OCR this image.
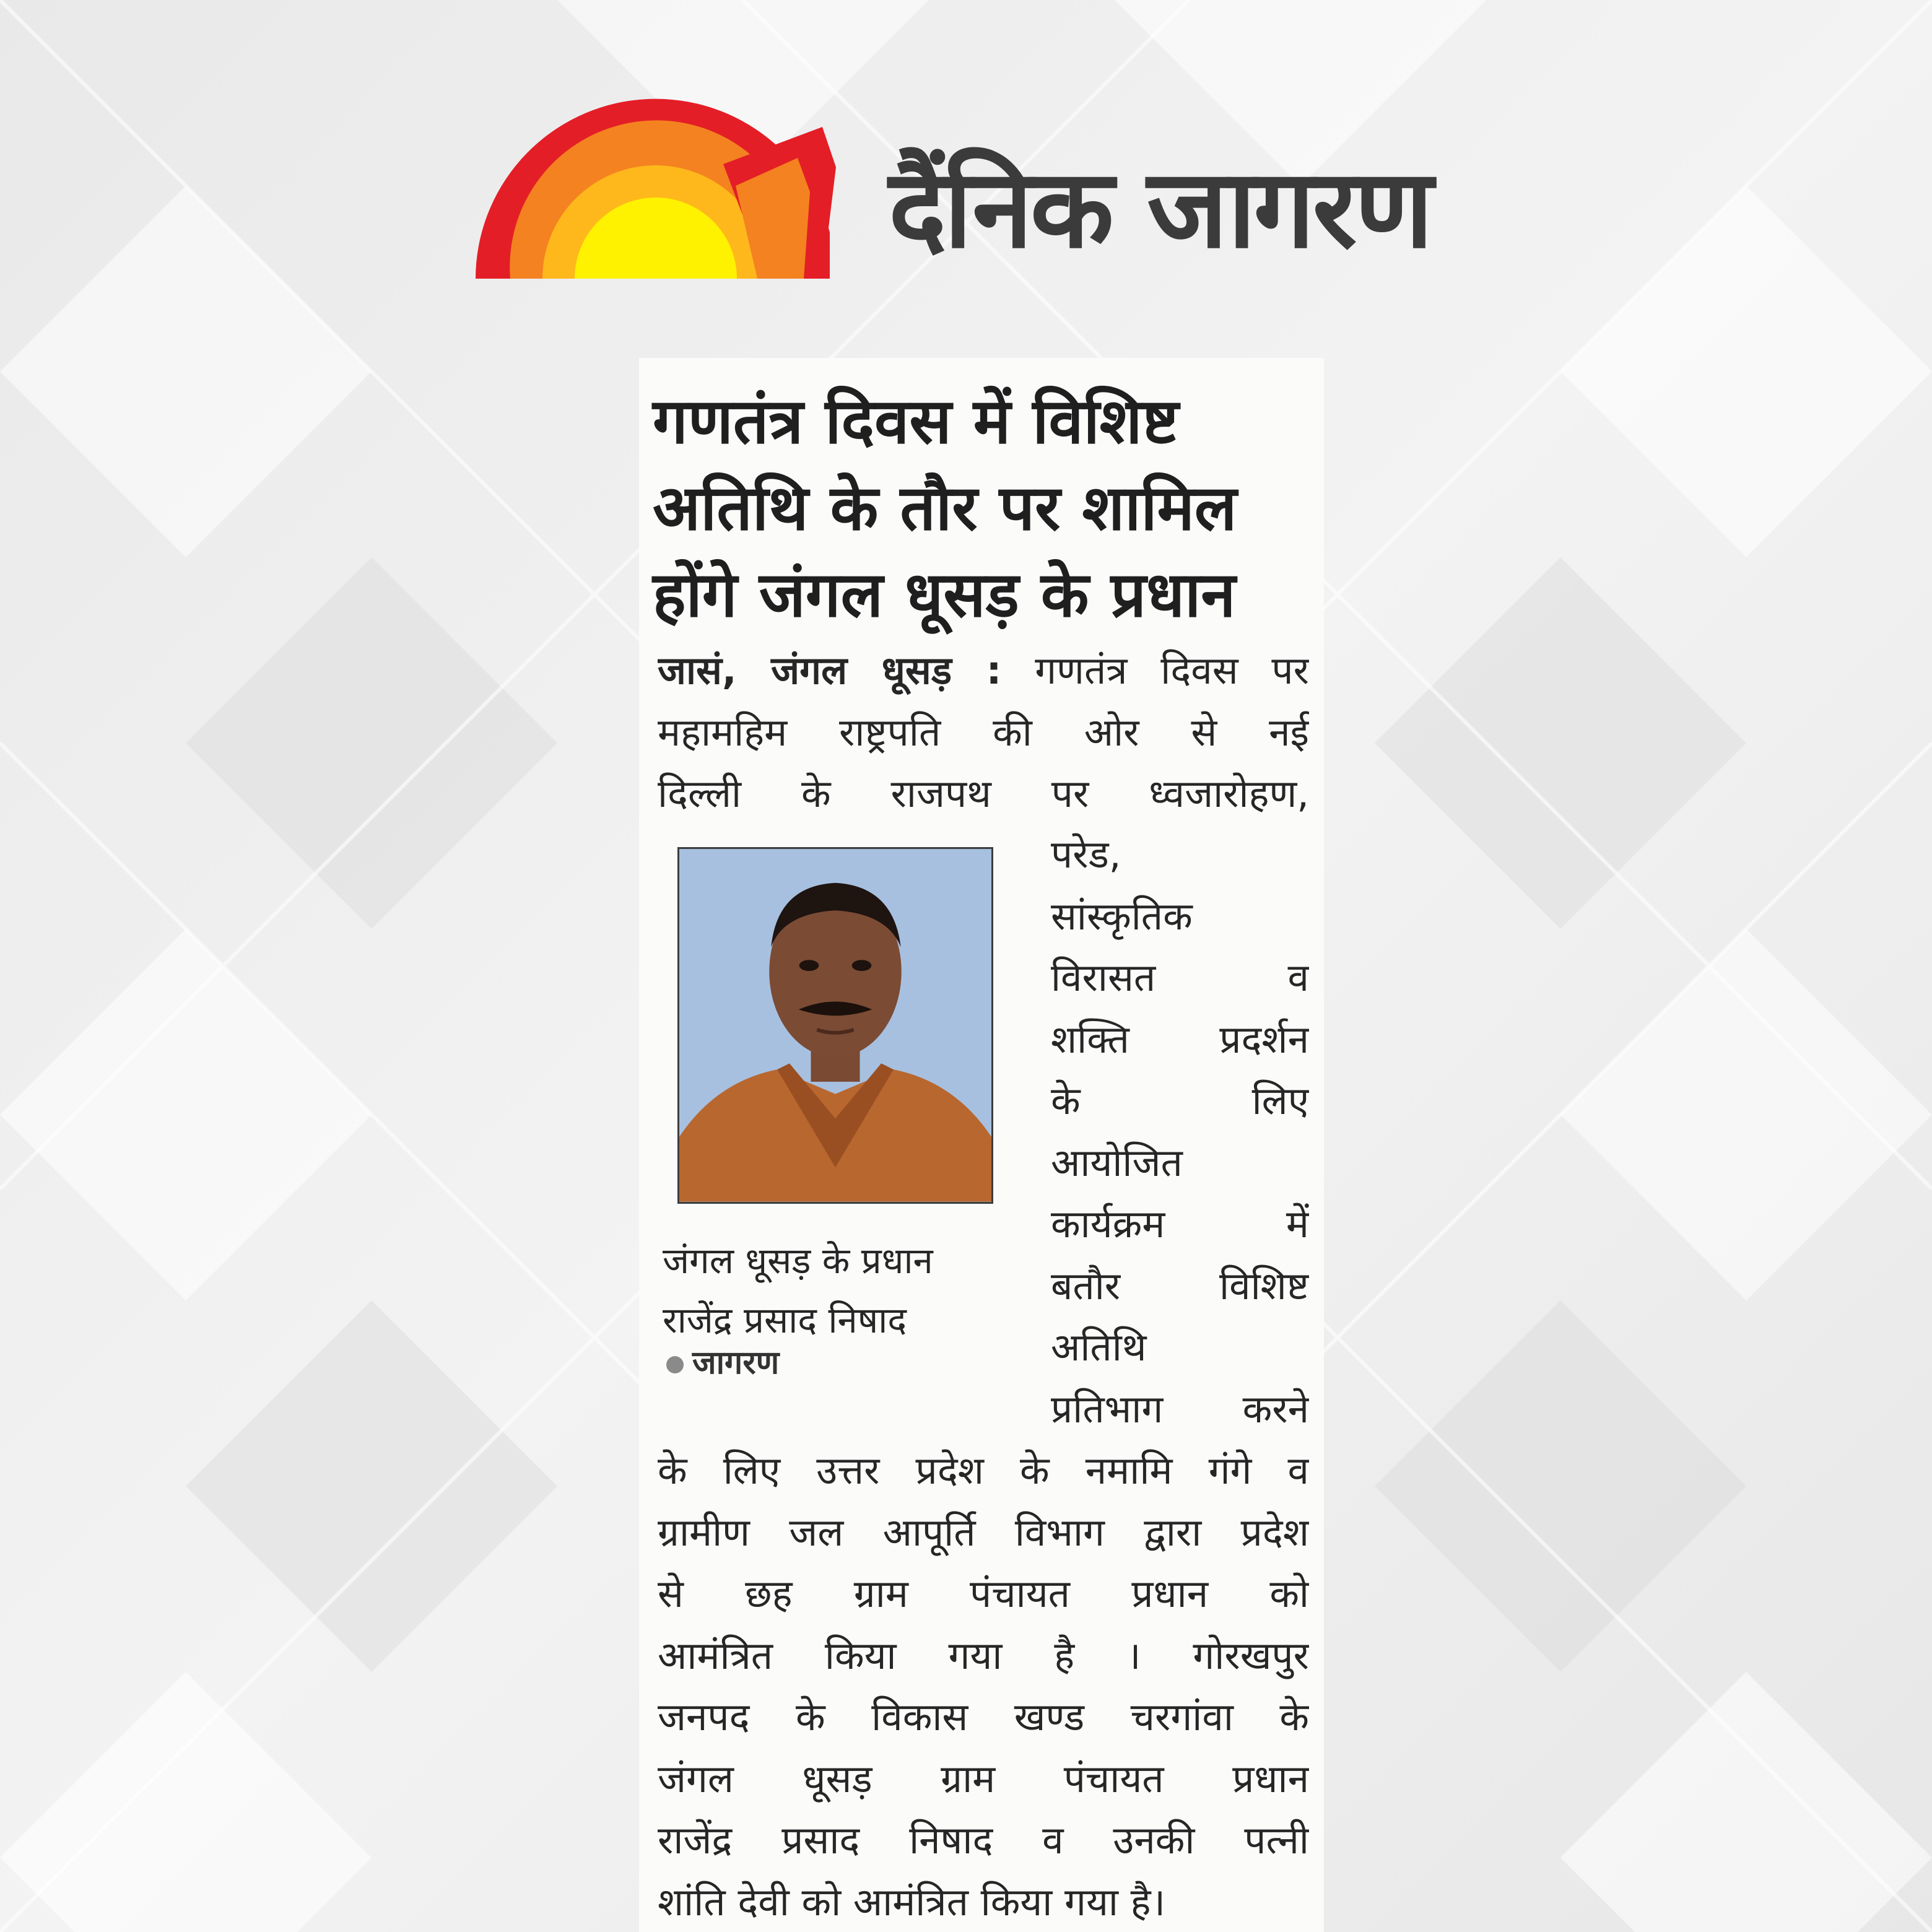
दैंनिक जागरण

गणतंत्र दिवस में विशिष्ट
अतिथि के तौर पर शामिल
होंगे जंगल धूसड़ के प्रधान
जासं, जंगल धूसड़ : गणतंत्र दिवस पर
महामहिम राष्ट्रपति की ओर से नई
दिल्ली के राजपथ पर ध्वजारोहण,
परेड,
सांस्कृतिक
विरासत व
शक्ति प्रदर्शन
के लिए
आयोजित
कार्यक्रम में
बतौर विशिष्ट
अतिथि
प्रतिभाग करने
जंगल धूसड़ के प्रधान
राजेंद्र प्रसाद निषाद
जागरण
के लिए उत्तर प्रदेश के नमामि गंगे व
ग्रामीण जल आपूर्ति विभाग द्वारा प्रदेश
से छह ग्राम पंचायत प्रधान को
आमंत्रित किया गया है । गोरखपुर
जनपद के विकास खण्ड चरगांवा के
जंगल धूसड़ ग्राम पंचायत प्रधान
राजेंद्र प्रसाद निषाद व उनकी पत्नी
शांति देवी को आमंत्रित किया गया है।
